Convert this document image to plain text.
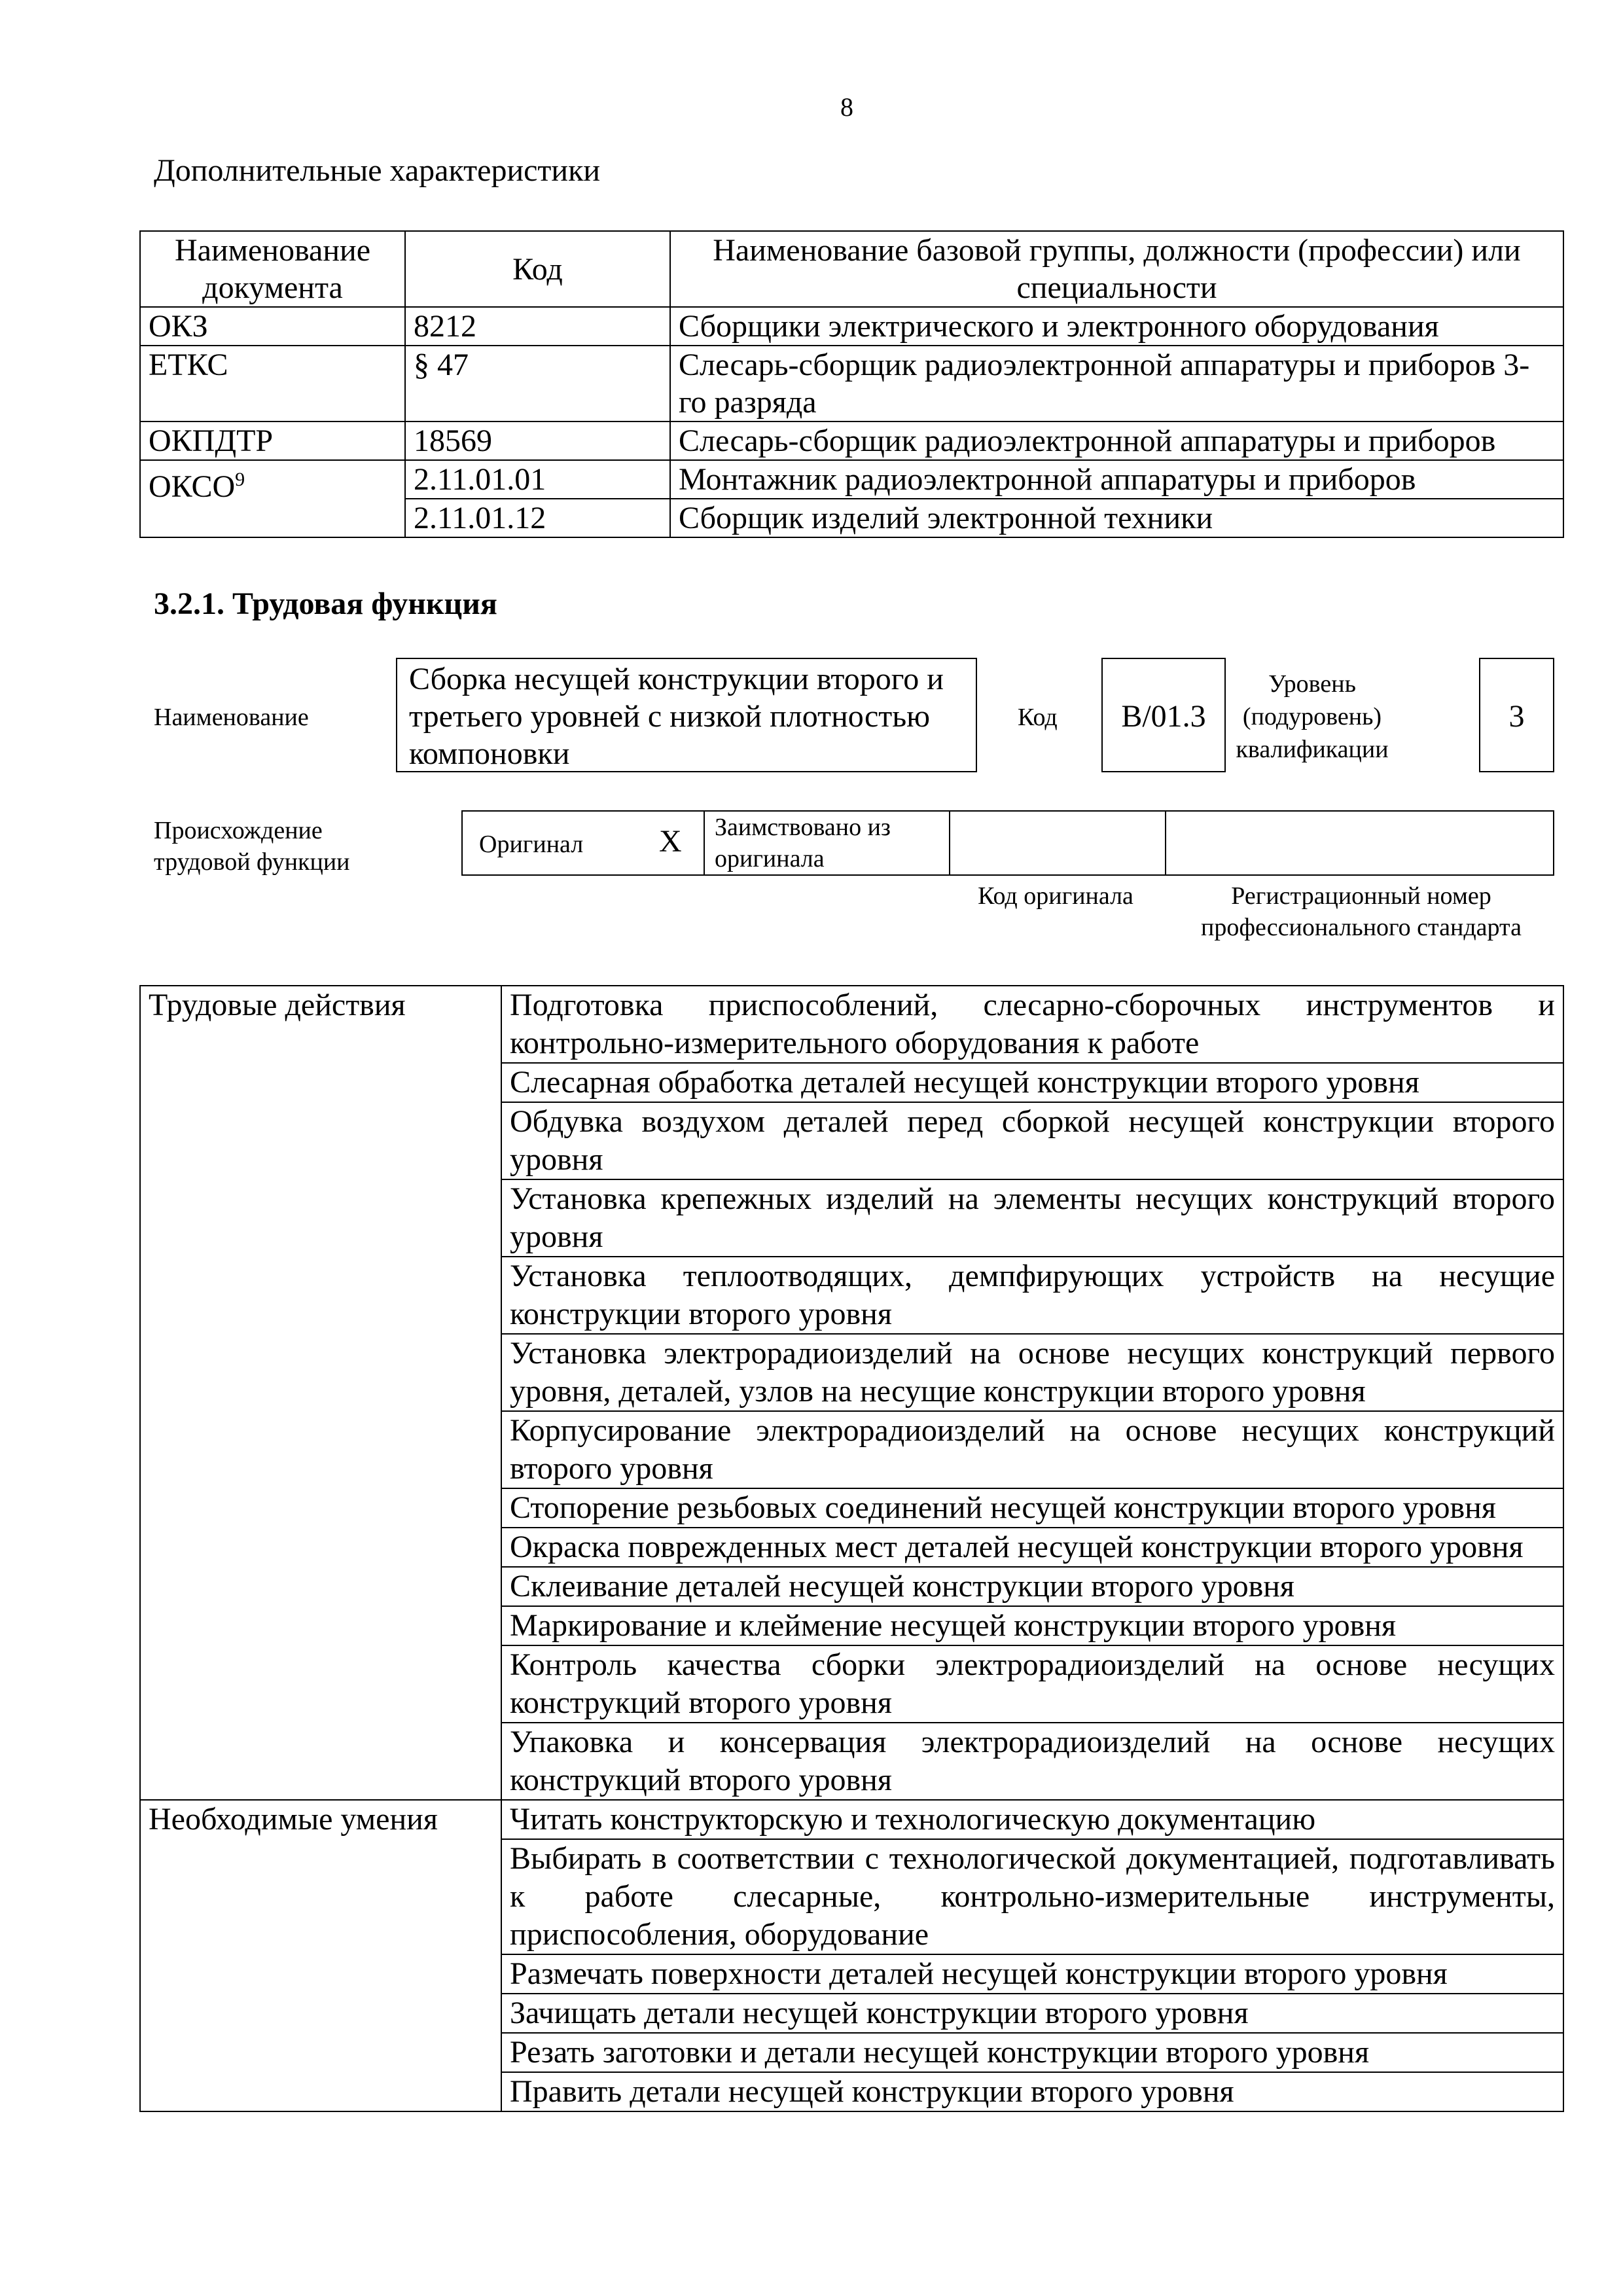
8
Дополнительные характеристики
Наименование документа	Код	Наименование базовой группы, должности (профессии) или специальности
ОКЗ	8212	Сборщики электрического и электронного оборудования
ЕТКС	§ 47	Слесарь-сборщик радиоэлектронной аппаратуры и приборов 3-го разряда
ОКПДТР	18569	Слесарь-сборщик радиоэлектронной аппаратуры и приборов
ОКСО$^9$	2.11.01.01	Монтажник радиоэлектронной аппаратуры и приборов
	2.11.01.12	Сборщик изделий электронной техники
3.2.1. Трудовая функция
Наименование
Сборка несущей конструкции второго и третьего уровней с низкой плотностью компоновки
Код	B/01.3
Уровень (подуровень) квалификации
3
Происхождение трудовой функции
Оригинал X Заимствовано из оригинала
Код оригинала	Регистрационный номер профессионального стандарта
Трудовые действия	Подготовка приспособлений, слесарно-сборочных инструментов и контрольно-измерительного оборудования к работе
	Слесарная обработка деталей несущей конструкции второго уровня
	Обдувка воздухом деталей перед сборкой несущей конструкции второго уровня
	Установка крепежных изделий на элементы несущих конструкций второго уровня
	Установка теплоотводящих, демпфирующих устройств на несущие конструкции второго уровня
	Установка электрорадиоизделий на основе несущих конструкций первого уровня, деталей, узлов на несущие конструкции второго уровня
	Корпусирование электрорадиоизделий на основе несущих конструкций второго уровня
	Стопорение резьбовых соединений несущей конструкции второго уровня
	Окраска поврежденных мест деталей несущей конструкции второго уровня
	Склеивание деталей несущей конструкции второго уровня
	Маркирование и клеймение несущей конструкции второго уровня
	Контроль качества сборки электрорадиоизделий на основе несущих конструкций второго уровня
	Упаковка и консервация электрорадиоизделий на основе несущих конструкций второго уровня
Необходимые умения	Читать конструкторскую и технологическую документацию
	Выбирать в соответствии с технологической документацией, подготавливать к работе слесарные, контрольно-измерительные инструменты, приспособления, оборудование
	Размечать поверхности деталей несущей конструкции второго уровня
	Зачищать детали несущей конструкции второго уровня
	Резать заготовки и детали несущей конструкции второго уровня
	Править детали несущей конструкции второго уровня
